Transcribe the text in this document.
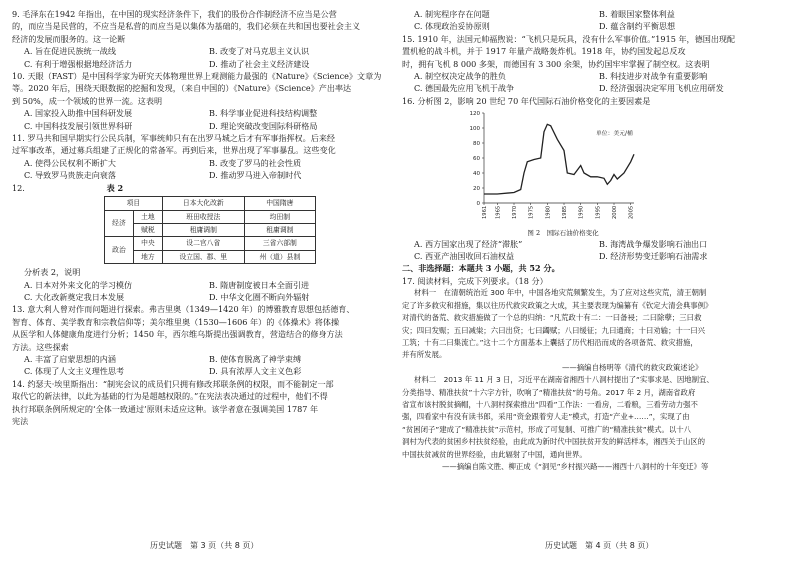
9. 毛泽东在1942 年指出，在中国的现实经济条件下，我们的股份合作制经济不应当是公营

的，而应当是民营的，不应当是私营的而应当是以集体为基础的，我们必须在共和国也要社会主义

经济的发展而服务的。这一论断

A. 旨在促进民族统一战线	B. 改变了对马克思主义认识
C. 有利于增强根据地经济活力	D. 推动了社会主义经济建设

10. 天眼（FAST）是中国科学家为研究天体物理世界上观测能力最强的《Nature》《Science》文章为

等。2020 年后，围绕天眼数据的挖掘和发现，（来自中国的）《Nature》《Science》产出率达

到 50%，成一个领域的世界一流。这表明

A. 国家投入助推中国科研发展	B. 科学事业促进科技结构调整
C. 中国科技发展引领世界科研	D. 理论突破改变国际科研格局

11. 罗马共和国早期实行公民兵制，军事统帅只有在出罗马城之后才有军事指挥权。后来经

过军事改革，通过募兵组建了正规化的常备军。再到后来，世界出现了军事暴乱。这些变化

A. 使得公民权利不断扩大	B. 改变了罗马的社会性质
C. 导致罗马贵族走向衰落	D. 推动罗马进入帝制时代

12.	表 2

项目		日本大化改新	中国隋唐
经济	土地	班田收授法	均田制
	赋税	租庸调制	租庸调制
政治	中央	设二官八省	三省六部制
	地方	设立国、郡、里	州（道）县制

分析表 2，说明

A. 日本对外来文化的学习模仿	B. 隋唐制度被日本全面引进
C. 大化改新奠定我日本发展	D. 中华文化圈不断向外辐射

13. 意大利人曾对作而问题进行探索。弗吉里奥（1349—1420 年）的博雅教育思想包括德育、

智育、体育、美学教育和宗教信仰等；美尔维里奥（1530—1606 年）的《体操术》将体操

从医学和人体健康角度进行分析；1450 年，西尔维乌斯提出强调教育，营造结合的修身方法

方法。这些探索

A. 丰富了启蒙思想的内涵	B. 使体育脱离了神学束缚
C. 体现了人文主义理性思考	D. 具有浓厚人文主义色彩

14. 约瑟夫·埃里斯指出：“制宪会议的成员们只拥有修改邦联条例的权限，而不能制定一部

取代它的新法律，以此为基础的行为是超越权限的。”在宪法表决通过的过程中，他们不得

执行邦联条例所规定的‘全体一致通过’原则未适应这种。该学者意在强调美国 1787 年

宪法

历史试题　第 3 页（共 8 页）
A. 制宪程序存在问题	B. 着眼国家整体利益
C. 体现政治妥协原则	D. 蕴含制约平衡思想

15. 1910 年，法国元帅福煦说：“飞机只是玩具，没有什么军事价值。”1915 年，德国出现配

置机枪的战斗机，并于 1917 年量产战略轰炸机。1918 年，协约国发起总反攻

时，拥有飞机 8 000 多架，而德国有 3 300 余架，协约国牢牢掌握了制空权。这表明

A. 制空权决定战争的胜负	B. 科技进步对战争有重要影响
C. 德国最先应用飞机于战争	D. 经济强弱决定军用飞机应用研发

16. 分析图 2，影响 20 世纪 70 年代国际石油价格变化的主要因素是

0
20
40
60
80
100
120
1961 1965 1970 1975 1980 1985 1990 1995 2000 2005
单位：美元/桶
图 2　国际石油价格变化
A. 西方国家出现了经济“滞胀”	B. 海湾战争爆发影响石油出口
C. 西亚产油国收回石油权益	D. 经济形势变迁影响石油需求

二、非选择题：本题共 3 小题，共 52 分。

17. 阅读材料，完成下列要求。（18 分）

材料一　在清朝统治近 300 年中，中国各地灾荒频繁发生，为了应对这些灾荒，清王朝制

定了许多救灾和措施，集以往历代救灾政策之大成，其主要表现为编纂有《钦定大清会典事例》

对清代的备荒、救灾措施做了一个总的归纳：“凡荒政十有二：一曰备祲；二曰除孽；三曰救

灾；四曰发赈；五曰减粜；六曰出贷；七曰蠲赋；八曰缓征；九曰通商；十曰劝输；十一曰兴

工筑；十有二曰集流亡。”这十二个方面基本上囊括了历代相沿而成的各项备荒、救灾措施，

并有所发展。

——摘编自杨明等《清代的救灾政策述论》

材料二　2013 年 11 月 3 日，习近平在湖南省湘西十八洞村提出了“实事求是、因地制宜、

分类指导、精准扶贫”十六字方针，吹响了“精准扶贫”的号角。2017 年 2 月，湖南省政府

省宣布该村脱贫摘帽，十八洞村探索推出“四看”工作法：一看房，二看粮，三看劳动力强不

强，四看家中有没有读书郎，采用“资金跟着穷人走”模式，打造“产业+……”，实现了由

“贫困闭子”建成了“精准扶贫”示范村，形成了可复制、可推广的“精准扶贫”模式。以十八

洞村为代表的贫困乡村扶贫经验，由此成为新时代中国扶贫开发的鲜活样本，湘西关于山区的

中国扶贫减贫的世界经验，由此辐射了中国，通向世界。

——摘编自陈文胜、柳正成《“洞见”乡村振兴路——湘西十八洞村的十年变迁》等

历史试题　第 4 页（共 8 页）
